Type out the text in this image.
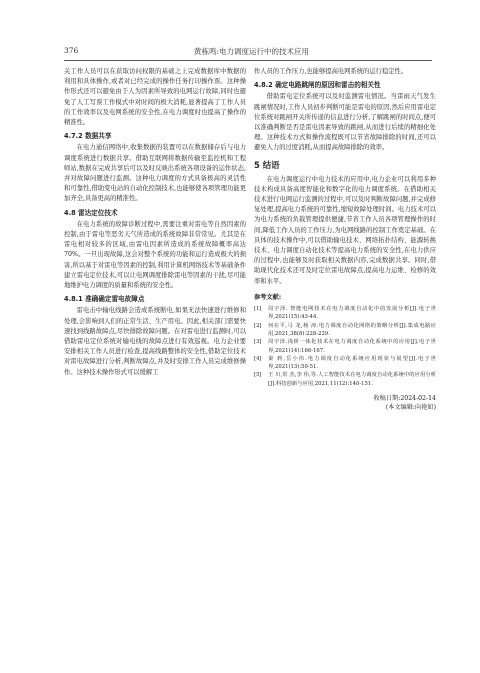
376	黄栋鸣:电力调度运行中的技术应用

关工作人员可以在获取访问权限的基础之上完成数据库中数据的利用和具体操作,或者对已经完成的操作任务打印操作票。这种操作形式还可以避免由于人为因素所导致的电网运行故障,同时也避免了人工写票工作模式中对时间的极大消耗,显著提高了工作人员的工作效率以及电网系统的安全性,在电力调度时也提高了操作的精准性。

4.7.2 数据共享

在电力通信网络中,收集数据的装置可以在数据储存后与电力调度系统进行数据共享。借助互联网将数据传输至监控机和工程师站,数据在完成共享后可以及时反映出系统各项设备的运作状态,并对故障问题进行监测。这种电力调度的方式具备极高的灵活性和可靠性,借助变电站的自动化控制技术,也能够使各项管理功能更加齐全,具备更高的精准性。

4.8 雷达定位技术

在电力系统的故障诊断过程中,需要注重对雷电等自然因素的控制,由于雷电等恶劣天气所造成的系统故障非常常见。尤其是在雷电相对较多的区域,由雷电因素所造成的系统故障概率高达70%。一旦出现故障,这会对整个系统的功能和运行造成极大的损害,所以基于对雷电等因素的控制,利用计算机网络技术等基础条件建立雷电定位技术,可以让电网调度排除雷电等因素的干扰,尽可能地维护电力调度的质量和系统的安全性。

4.8.1 准确确定雷电故障点

雷电击中输电线路会造成系统断电,如果无法快速进行维修和处理,会影响到人们的正常生活、生产用电。因此,相关部门需要快速找到线路故障点,尽快排除故障问题。在对雷电进行监测时,可以借助雷电定位系统对输电线的故障点进行有效巡视。电力企业要安排相关工作人员进行检查,提高线路整体的安全性,借助定位技术对雷电故障进行分析,判断故障点,并及时安排工作人员完成维修操作。这种技术操作形式可以缓解工

作人员的工作压力,也能够提高电网系统的运行稳定性。

4.8.2 确定电路跳闸的原因和雷击的相关性

借助雷电定位系统可以及时监测雷电情况。当雷雨天气发生跳闸情况时,工作人员初步判断可能是雷电的原因,然后应用雷电定位系统对跳闸开关所传递的信息进行分析,了解跳闸的时间点,便可以准确判断是否是雷电因素导致的跳闸,从而进行后续的精细化处理。这种技术方式和操作流程既可以节省故障排除的时间,还可以避免人力的过度消耗,从而提高故障排除的效率。

5 结语

在电力调度运行中电力技术的应用中,电力企业可以利用多种技术构成具备高度智能化和数字化的电力调度系统。在借助相关技术进行电网运行监测的过程中,可以及时判断故障问题,并完成修复处理,提高电力系统的可靠性,缩短故障处理时间。电力技术可以为电力系统的负载管理提供便捷,节省工作人员各项管理操作的时间,降低工作人员的工作压力,为电网线路的控制工作奠定基础。在具体的技术操作中,可以借助输电技术、网络拓扑结构、能源转换技术、电力调度自动化技术等提高电力系统的安全性,在电力供应的过程中,也能够及时获取相关数据内容,完成数据共享。同时,借助现代化技术还可及时定位雷电故障点,提高电力运维、检修的效率和水平。

参考文献:
[1]	周宇泽. 智能电网技术在电力调度自动化中的发展分析[J].电子世界,2021(15):43-44.
[2]	何在平,马 龙,杨 涛.电力调度自动化网络的策略分析[J].集成电路应用,2021,38(8):228-229.
[3]	周宇泽.浅析一体化技术在电力调度自动化系统中的应用[J].电子世界,2021(14):166-167.
[4]	秦 莉,岳小伟.电力调度自动化系统应用现状与展望[J].电子世界,2021(13):50-51.
[5]	王 川,常 杰,李 伟,等.人工智能技术在电力调度自动化系统中的应用分析[J].科技创新与应用,2021,11(12):140-151.
收稿日期:2024-02-14
(本文编辑:向艳如)
